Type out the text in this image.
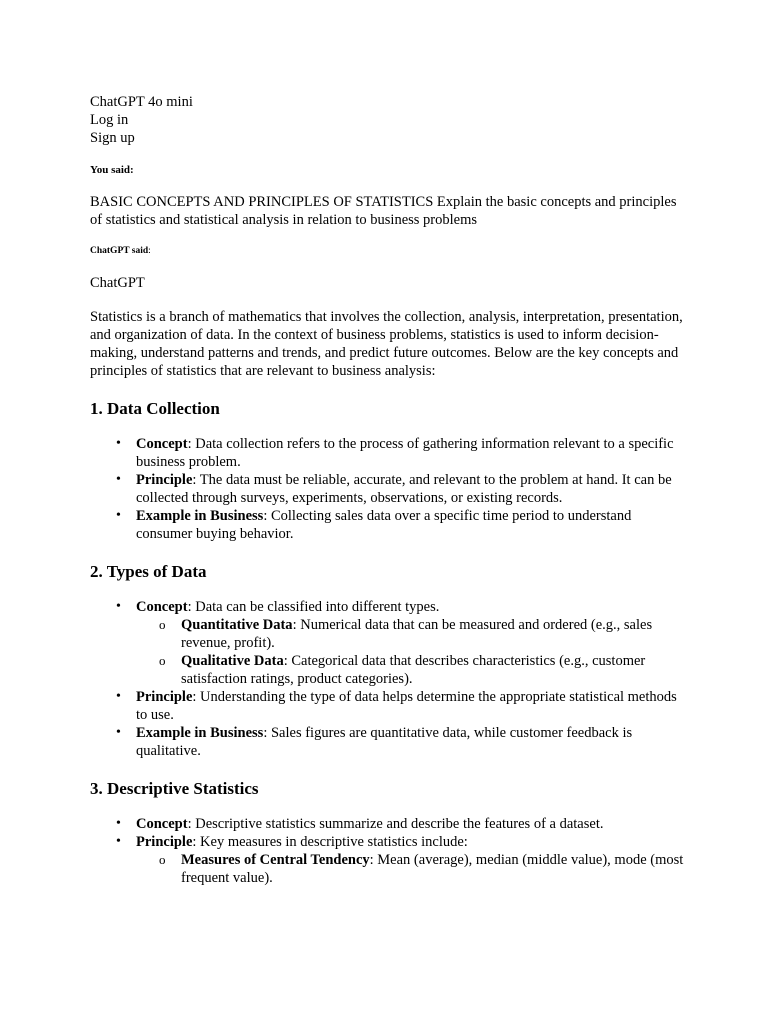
ChatGPT 4o mini
Log in
Sign up
You said:
BASIC CONCEPTS AND PRINCIPLES OF STATISTICS Explain the basic concepts and principles of statistics and statistical analysis in relation to business problems
ChatGPT said:
ChatGPT
Statistics is a branch of mathematics that involves the collection, analysis, interpretation, presentation, and organization of data. In the context of business problems, statistics is used to inform decision-making, understand patterns and trends, and predict future outcomes. Below are the key concepts and principles of statistics that are relevant to business analysis:
1. Data Collection
• Concept: Data collection refers to the process of gathering information relevant to a specific business problem.
• Principle: The data must be reliable, accurate, and relevant to the problem at hand. It can be collected through surveys, experiments, observations, or existing records.
• Example in Business: Collecting sales data over a specific time period to understand consumer buying behavior.
2. Types of Data
• Concept: Data can be classified into different types.
o Quantitative Data: Numerical data that can be measured and ordered (e.g., sales revenue, profit).
o Qualitative Data: Categorical data that describes characteristics (e.g., customer satisfaction ratings, product categories).
• Principle: Understanding the type of data helps determine the appropriate statistical methods to use.
• Example in Business: Sales figures are quantitative data, while customer feedback is qualitative.
3. Descriptive Statistics
• Concept: Descriptive statistics summarize and describe the features of a dataset.
• Principle: Key measures in descriptive statistics include:
o Measures of Central Tendency: Mean (average), median (middle value), mode (most frequent value).
